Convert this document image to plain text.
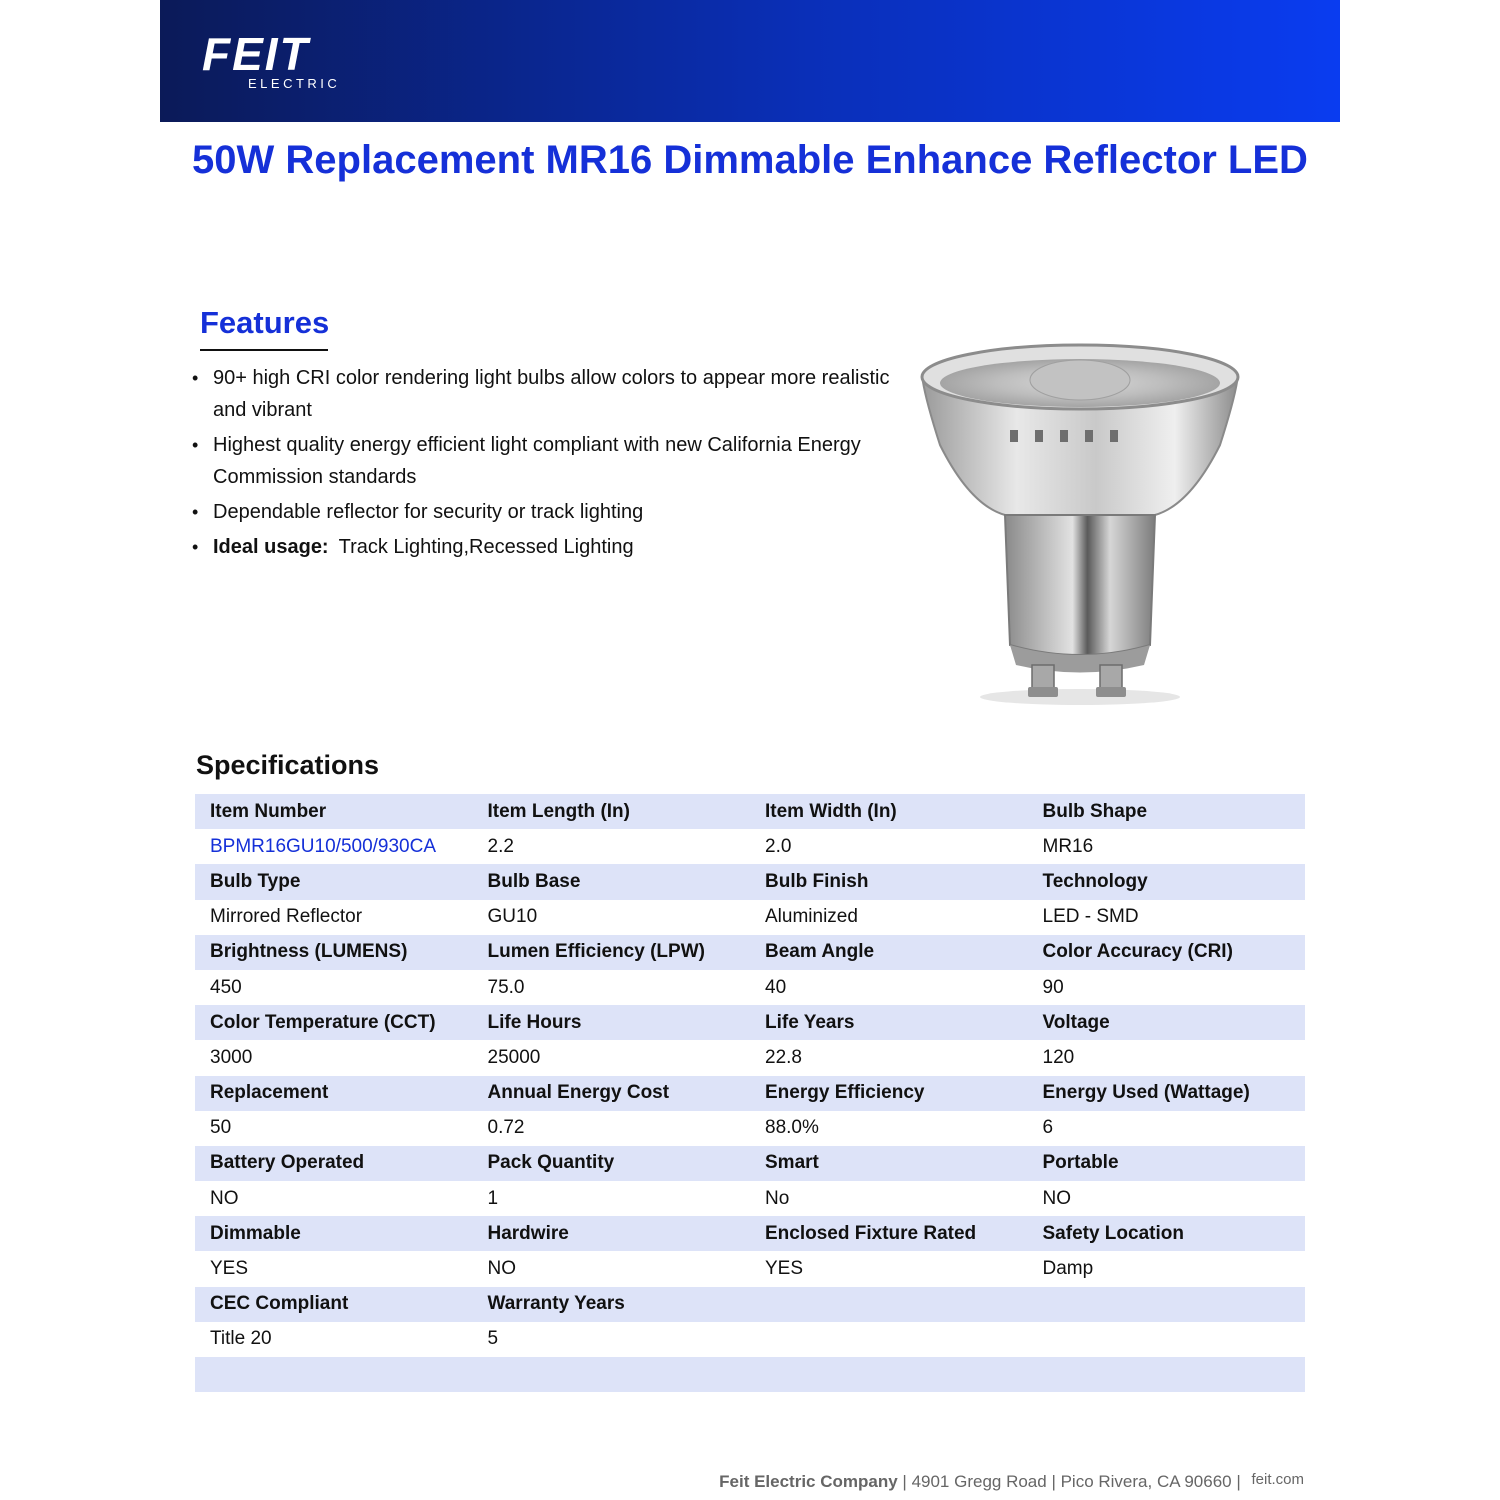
FEIT
ELECTRIC
50W Replacement MR16 Dimmable Enhance Reflector LED
Features
• 90+ high CRI color rendering light bulbs allow colors to appear more realistic and vibrant
• Highest quality energy efficient light compliant with new California Energy Commission standards
• Dependable reflector for security or track lighting
• Ideal usage: Track Lighting,Recessed Lighting
Specifications
Item Number	Item Length (In)	Item Width (In)	Bulb Shape
BPMR16GU10/500/930CA	2.2	2.0	MR16
Bulb Type	Bulb Base	Bulb Finish	Technology
Mirrored Reflector	GU10	Aluminized	LED - SMD
Brightness (LUMENS)	Lumen Efficiency (LPW)	Beam Angle	Color Accuracy (CRI)
450	75.0	40	90
Color Temperature (CCT)	Life Hours	Life Years	Voltage
3000	25000	22.8	120
Replacement	Annual Energy Cost	Energy Efficiency	Energy Used (Wattage)
50	0.72	88.0%	6
Battery Operated	Pack Quantity	Smart	Portable
NO	1	No	NO
Dimmable	Hardwire	Enclosed Fixture Rated	Safety Location
YES	NO	YES	Damp
CEC Compliant	Warranty Years		
Title 20	5		

Feit Electric Company | 4901 Gregg Road | Pico Rivera, CA 90660 | feit.com
